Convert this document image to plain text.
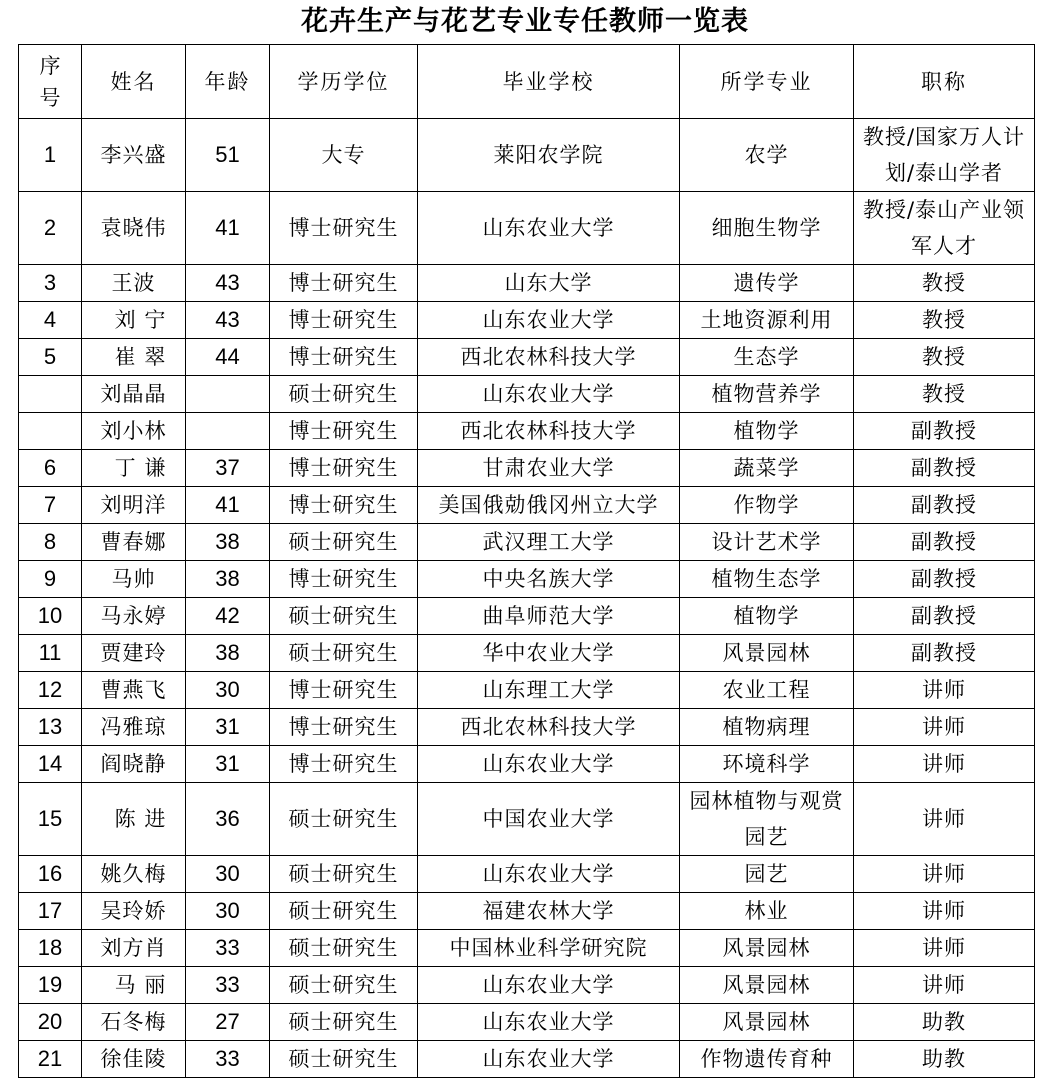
花卉生产与花艺专业专任教师一览表
序号	姓名	年龄	学历学位	毕业学校	所学专业	职称
1	李兴盛	51	大专	莱阳农学院	农学	教授/国家万人计划/泰山学者
2	袁晓伟	41	博士研究生	山东农业大学	细胞生物学	教授/泰山产业领军人才
3	王波	43	博士研究生	山东大学	遗传学	教授
4	刘 宁	43	博士研究生	山东农业大学	土地资源利用	教授
5	崔 翠	44	博士研究生	西北农林科技大学	生态学	教授
	刘晶晶		硕士研究生	山东农业大学	植物营养学	教授
	刘小林		博士研究生	西北农林科技大学	植物学	副教授
6	丁 谦	37	博士研究生	甘肃农业大学	蔬菜学	副教授
7	刘明洋	41	博士研究生	美国俄勀俄冈州立大学	作物学	副教授
8	曹春娜	38	硕士研究生	武汉理工大学	设计艺术学	副教授
9	马帅	38	博士研究生	中央名族大学	植物生态学	副教授
10	马永婷	42	硕士研究生	曲阜师范大学	植物学	副教授
11	贾建玲	38	硕士研究生	华中农业大学	风景园林	副教授
12	曹燕飞	30	博士研究生	山东理工大学	农业工程	讲师
13	冯雅琼	31	博士研究生	西北农林科技大学	植物病理	讲师
14	阎晓静	31	博士研究生	山东农业大学	环境科学	讲师
15	陈 进	36	硕士研究生	中国农业大学	园林植物与观赏园艺	讲师
16	姚久梅	30	硕士研究生	山东农业大学	园艺	讲师
17	吴玲娇	30	硕士研究生	福建农林大学	林业	讲师
18	刘方肖	33	硕士研究生	中国林业科学研究院	风景园林	讲师
19	马 丽	33	硕士研究生	山东农业大学	风景园林	讲师
20	石冬梅	27	硕士研究生	山东农业大学	风景园林	助教
21	徐佳陵	33	硕士研究生	山东农业大学	作物遗传育种	助教
